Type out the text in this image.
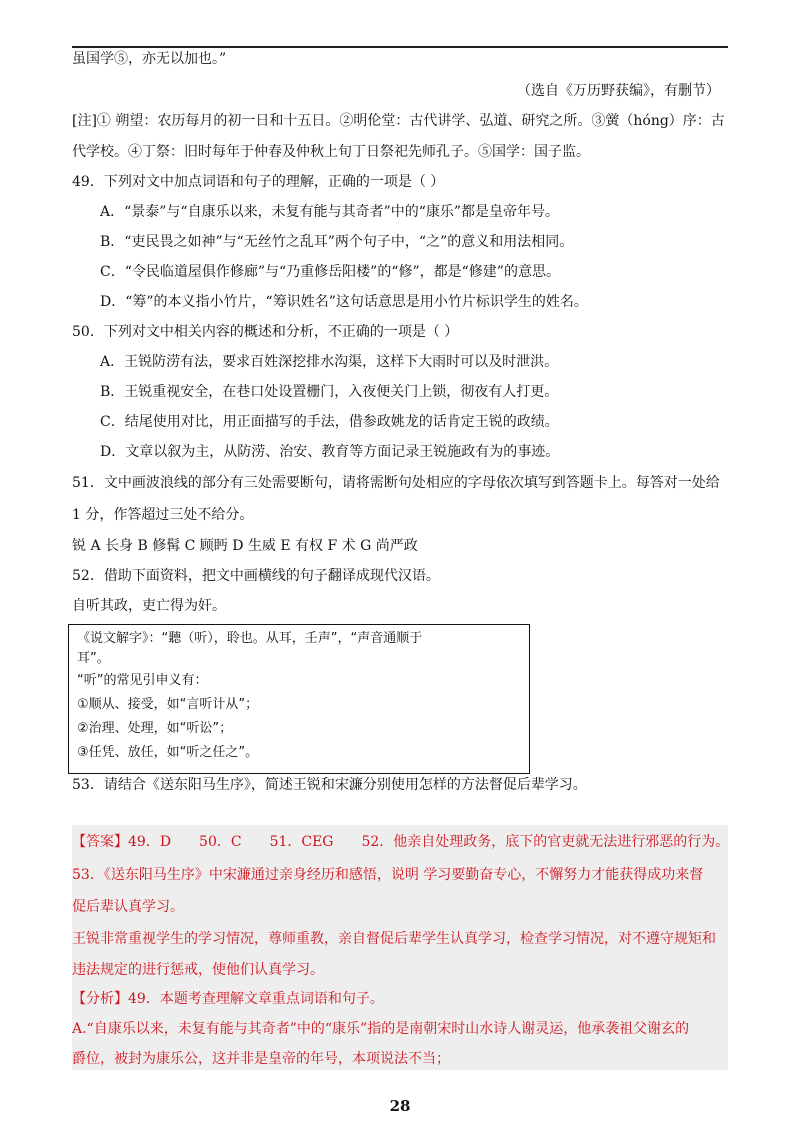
虽国学⑤，亦无以加也。”
（选自《万历野获编》，有删节）
[注]① 朔望：农历每月的初一日和十五日。②明伦堂：古代讲学、弘道、研究之所。③黉（hóng）序：古
代学校。④丁祭：旧时每年于仲春及仲秋上旬丁日祭祀先师孔子。⑤国学：国子监。
49．下列对文中加点词语和句子的理解，正确的一项是（ ）
A．“景泰”与“自康乐以来，未复有能与其奇者”中的“康乐”都是皇帝年号。
B．“吏民畏之如神”与“无丝竹之乱耳”两个句子中，“之”的意义和用法相同。
C．“令民临道屋俱作修廊”与“乃重修岳阳楼”的“修”，都是“修建”的意思。
D．“筹”的本义指小竹片，“筹识姓名”这句话意思是用小竹片标识学生的姓名。
50．下列对文中相关内容的概述和分析，不正确的一项是（ ）
A．王锐防涝有法，要求百姓深挖排水沟渠，这样下大雨时可以及时泄洪。
B．王锐重视安全，在巷口处设置栅门，入夜便关门上锁，彻夜有人打更。
C．结尾使用对比，用正面描写的手法，借参政姚龙的话肯定王锐的政绩。
D．文章以叙为主，从防涝、治安、教育等方面记录王锐施政有为的事迹。
51．文中画波浪线的部分有三处需要断句，请将需断句处相应的字母依次填写到答题卡上。每答对一处给
1 分，作答超过三处不给分。
锐 A 长身 B 修髯 C 顾眄 D 生威 E 有权 F 术 G 尚严政
52．借助下面资料，把文中画横线的句子翻译成现代汉语。
自听其政，吏亡得为奸。
《说文解字》：“聽（听），聆也。从耳，壬声”，“声音通顺于
耳”。
“听”的常见引申义有：
①顺从、接受，如“言听计从”；
②治理、处理，如“听讼”；
③任凭、放任，如“听之任之”。
53．请结合《送东阳马生序》，简述王锐和宋濂分别使用怎样的方法督促后辈学习。
【答案】49．D　　50．C　　51．CEG　　52．他亲自处理政务，底下的官吏就无法进行邪恶的行为。
53．《送东阳马生序》中宋濂通过亲身经历和感悟，说明 学习要勤奋专心，不懈努力才能获得成功来督
促后辈认真学习。
王锐非常重视学生的学习情况，尊师重教，亲自督促后辈学生认真学习，检查学习情况，对不遵守规矩和
违法规定的进行惩戒，使他们认真学习。
【分析】49．本题考查理解文章重点词语和句子。
A.“自康乐以来，未复有能与其奇者”中的“康乐”指的是南朝宋时山水诗人谢灵运，他承袭祖父谢玄的
爵位，被封为康乐公，这并非是皇帝的年号，本项说法不当；
28
